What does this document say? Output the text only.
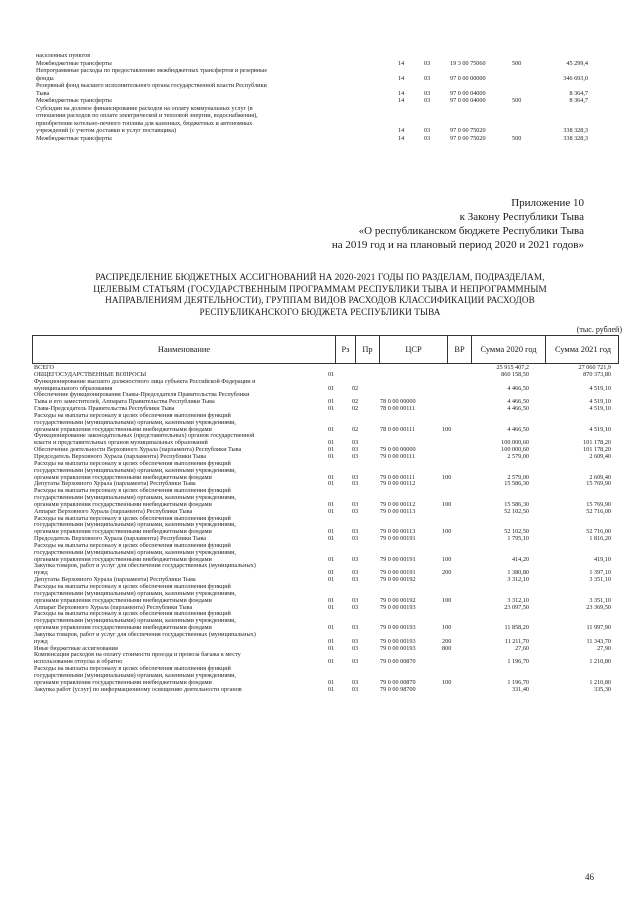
населенных пунктов
Межбюджетные трансферты	14	03	19 3 00 75060	500	45 299,4
Непрограммные расходы по предоставлению межбюджетных трансфертов и резервные
фонды	14	03	97 0 00 00000	346 693,0
Резервный фонд высшего исполнительного органа государственной власти Республики
Тыва	14	03	97 0 00 04000	8 364,7
Межбюджетные трансферты	14	03	97 0 00 04000	500	8 364,7
Субсидии на долевое финансирование расходов на оплату коммунальных услуг (в
отношении расходов по оплате электрической и тепловой энергии, водоснабжения),
приобретение котельно-печного топлива для казенных, бюджетных и автономных
учреждений (с учетом доставки и услуг поставщика)	14	03	97 0 00 75020	338 328,3
Межбюджетные трансферты	14	03	97 0 00 75020	500	338 328,3
Приложение 10
к Закону Республики Тыва
«О республиканском бюджете Республики Тыва
на 2019 год и на плановый период 2020 и 2021 годов»
РАСПРЕДЕЛЕНИЕ БЮДЖЕТНЫХ АССИГНОВАНИЙ НА 2020-2021 ГОДЫ ПО РАЗДЕЛАМ, ПОДРАЗДЕЛАМ,
ЦЕЛЕВЫМ СТАТЬЯМ (ГОСУДАРСТВЕННЫМ ПРОГРАММАМ РЕСПУБЛИКИ ТЫВА И НЕПРОГРАММНЫМ
НАПРАВЛЕНИЯМ ДЕЯТЕЛЬНОСТИ), ГРУППАМ ВИДОВ РАСХОДОВ КЛАССИФИКАЦИИ РАСХОДОВ
РЕСПУБЛИКАНСКОГО БЮДЖЕТА РЕСПУБЛИКИ ТЫВА
(тыс. рублей)
Наименование	Рз	Пр	ЦСР	ВР	Сумма 2020 год	Сумма 2021 год
ВСЕГО	25 915 407,2	27 060 721,9
ОБЩЕГОСУДАРСТВЕННЫЕ ВОПРОСЫ	01	860 158,50	870 373,80
Функционирование высшего должностного лица субъекта Российской Федерации и
муниципального образования	01	02	4 466,50	4 519,10
Обеспечение функционирования Главы-Председателя Правительства Республики
Тыва и его заместителей, Аппарата Правительства Республики Тыва	01	02	78 0 00 00000	4 466,50	4 519,10
Глава-Председатель Правительства Республики Тыва	01	02	78 0 00 00111	4 466,50	4 519,10
Расходы на выплаты персоналу в целях обеспечения выполнения функций
государственными (муниципальными) органами, казенными учреждениями,
органами управления государственными внебюджетными фондами	01	02	78 0 00 00111	100	4 466,50	4 519,10
Функционирование законодательных (представительных) органов государственной
власти и представительных органов муниципальных образований	01	03	100 000,60	101 178,20
Обеспечение деятельности Верховного Хурала (парламента) Республики Тыва	01	03	79 0 00 00000	100 000,60	101 178,20
Председатель Верховного Хурала (парламента) Республики Тыва	01	03	79 0 00 00111	2 579,00	2 609,40
Расходы на выплаты персоналу в целях обеспечения выполнения функций
государственными (муниципальными) органами, казенными учреждениями,
органами управления государственными внебюджетными фондами	01	03	79 0 00 00111	100	2 579,00	2 609,40
Депутаты Верховного Хурала (парламента) Республики Тыва	01	03	79 0 00 00112	15 586,30	15 769,90
Расходы на выплаты персоналу в целях обеспечения выполнения функций
государственными (муниципальными) органами, казенными учреждениями,
органами управления государственными внебюджетными фондами	01	03	79 0 00 00112	100	15 586,30	15 769,90
Аппарат Верховного Хурала (парламента) Республики Тыва	01	03	79 0 00 00113	52 102,50	52 716,00
Расходы на выплаты персоналу в целях обеспечения выполнения функций
государственными (муниципальными) органами, казенными учреждениями,
органами управления государственными внебюджетными фондами	01	03	79 0 00 00113	100	52 102,50	52 716,00
Председатель Верховного Хурала (парламента) Республики Тыва	01	03	79 0 00 00191	1 795,10	1 816,20
Расходы на выплаты персоналу в целях обеспечения выполнения функций
государственными (муниципальными) органами, казенными учреждениями,
органами управления государственными внебюджетными фондами	01	03	79 0 00 00191	100	414,20	419,10
Закупка товаров, работ и услуг для обеспечения государственных (муниципальных)
нужд	01	03	79 0 00 00191	200	1 380,80	1 397,10
Депутаты Верховного Хурала (парламента) Республики Тыва	01	03	79 0 00 00192	3 312,10	3 351,10
Расходы на выплаты персоналу в целях обеспечения выполнения функций
государственными (муниципальными) органами, казенными учреждениями,
органами управления государственными внебюджетными фондами	01	03	79 0 00 00192	100	3 312,10	3 351,10
Аппарат Верховного Хурала (парламента) Республики Тыва	01	03	79 0 00 00193	23 097,50	23 369,50
Расходы на выплаты персоналу в целях обеспечения выполнения функций
государственными (муниципальными) органами, казенными учреждениями,
органами управления государственными внебюджетными фондами	01	03	79 0 00 00193	100	11 858,20	11 997,90
Закупка товаров, работ и услуг для обеспечения государственных (муниципальных)
нужд	01	03	79 0 00 00193	200	11 211,70	11 343,70
Иные бюджетные ассигнования	01	03	79 0 00 00193	800	27,60	27,90
Компенсация расходов на оплату стоимости проезда и провоза багажа к месту
использования отпуска и обратно	01	03	79 0 00 00870	1 196,70	1 210,80
Расходы на выплаты персоналу в целях обеспечения выполнения функций
государственными (муниципальными) органами, казенными учреждениями,
органами управления государственными внебюджетными фондами	01	03	79 0 00 00870	100	1 196,70	1 210,80
Закупка работ (услуг) по информационному освещению деятельности органов	01	03	79 0 00 98700	331,40	335,30
46
